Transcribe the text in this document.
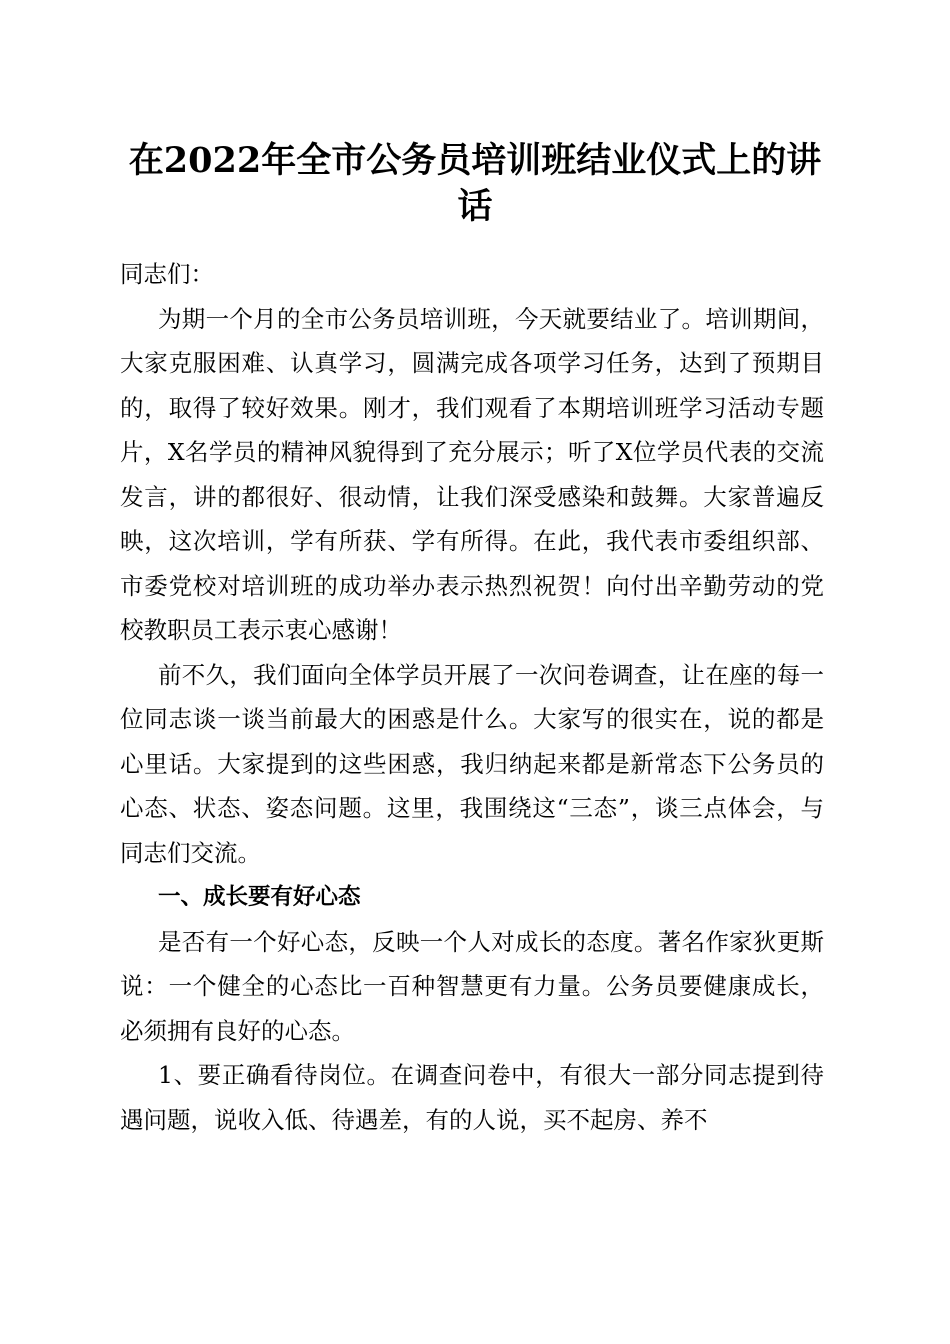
在2022年全市公务员培训班结业仪式上的讲话

同志们：

为期一个月的全市公务员培训班，今天就要结业了。培训期间，大家克服困难、认真学习，圆满完成各项学习任务，达到了预期目的，取得了较好效果。刚才，我们观看了本期培训班学习活动专题片，X名学员的精神风貌得到了充分展示；听了X位学员代表的交流发言，讲的都很好、很动情，让我们深受感染和鼓舞。大家普遍反映，这次培训，学有所获、学有所得。在此，我代表市委组织部、市委党校对培训班的成功举办表示热烈祝贺！向付出辛勤劳动的党校教职员工表示衷心感谢！

前不久，我们面向全体学员开展了一次问卷调查，让在座的每一位同志谈一谈当前最大的困惑是什么。大家写的很实在，说的都是心里话。大家提到的这些困惑，我归纳起来都是新常态下公务员的心态、状态、姿态问题。这里，我围绕这“三态”，谈三点体会，与同志们交流。

一、成长要有好心态

是否有一个好心态，反映一个人对成长的态度。著名作家狄更斯说：一个健全的心态比一百种智慧更有力量。公务员要健康成长，必须拥有良好的心态。

1、要正确看待岗位。在调查问卷中，有很大一部分同志提到待遇问题，说收入低、待遇差，有的人说，买不起房、养不
